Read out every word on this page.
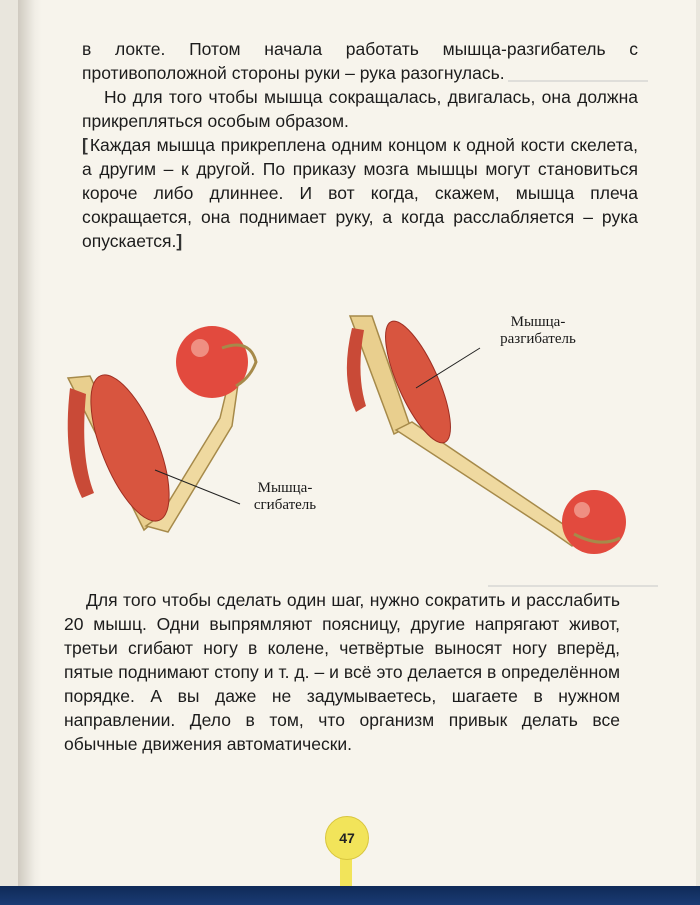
в локте. Потом начала работать мышца-разгибатель с противоположной стороны руки – рука разогнулась.

Но для того чтобы мышца сокращалась, двигалась, она должна прикрепляться особым образом.

[ Каждая мышца прикреплена одним концом к одной кости скелета, а другим – к другой. По приказу мозга мышцы могут становиться короче либо длиннее. И вот когда, скажем, мышца плеча сокращается, она поднимает руку, а когда расслабляется – рука опускается.]

Мышца-сгибатель
Мышца-разгибатель

Для того чтобы сделать один шаг, нужно сократить и расслабить 20 мышц. Одни выпрямляют поясницу, другие напрягают живот, третьи сгибают ногу в колене, четвёртые выносят ногу вперёд, пятые поднимают стопу и т. д. – и всё это делается в определённом порядке. А вы даже не задумываетесь, шагаете в нужном направлении. Дело в том, что организм привык делать все обычные движения автоматически.

47
